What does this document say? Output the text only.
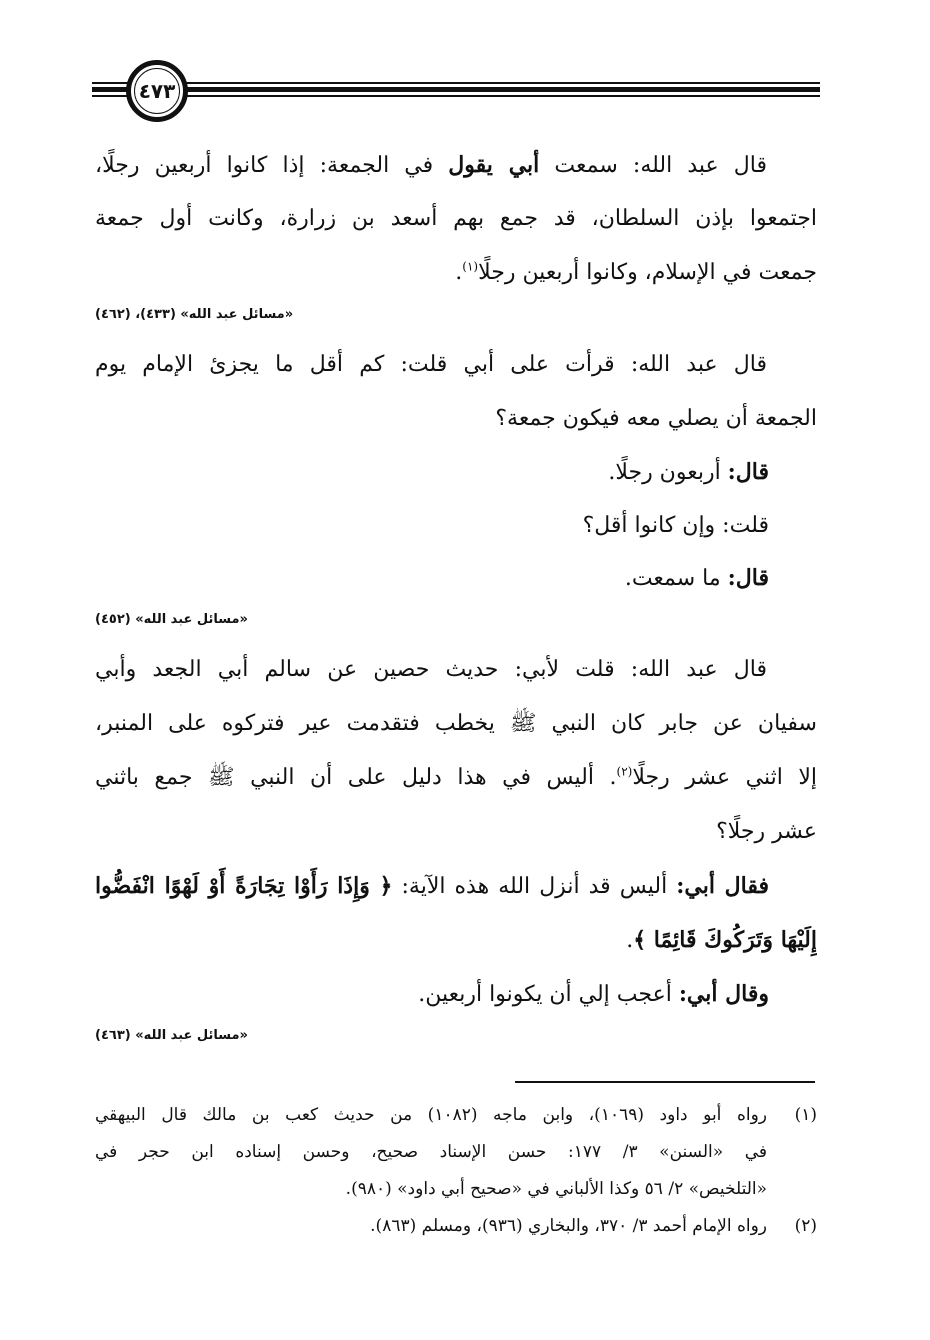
٤٧٣
قال عبد الله: سمعت أبي يقول في الجمعة: إذا كانوا أربعين رجلًا،
اجتمعوا بإذن السلطان، قد جمع بهم أسعد بن زرارة، وكانت أول جمعة
جمعت في الإسلام، وكانوا أربعين رجلًا$^{(١)}$.
«مسائل عبد الله» (٤٣٣)، (٤٦٢)
قال عبد الله: قرأت على أبي قلت: كم أقل ما يجزئ الإمام يوم
الجمعة أن يصلي معه فيكون جمعة؟
قال: أربعون رجلًا.
قلت: وإن كانوا أقل؟
قال: ما سمعت.
«مسائل عبد الله» (٤٥٢)
قال عبد الله: قلت لأبي: حديث حصين عن سالم أبي الجعد وأبي
سفيان عن جابر كان النبي ﷺ يخطب فتقدمت عير فتركوه على المنبر،
إلا اثني عشر رجلًا$^{(٢)}$. أليس في هذا دليل على أن النبي ﷺ جمع باثني
عشر رجلًا؟
فقال أبي: أليس قد أنزل الله هذه الآية: ﴿ وَإِذَا رَأَوْا تِجَارَةً أَوْ لَهْوًا انْفَضُّوا
إِلَيْهَا وَتَرَكُوكَ قَائِمًا ﴾.
وقال أبي: أعجب إلي أن يكونوا أربعين.
«مسائل عبد الله» (٤٦٣)
(١)
رواه أبو داود (١٠٦٩)، وابن ماجه (١٠٨٢) من حديث كعب بن مالك قال البيهقي
في «السنن» ٣/ ١٧٧: حسن الإسناد صحيح، وحسن إسناده ابن حجر في
«التلخيص» ٢/ ٥٦ وكذا الألباني في «صحيح أبي داود» (٩٨٠).
(٢)
رواه الإمام أحمد ٣/ ٣٧٠، والبخاري (٩٣٦)، ومسلم (٨٦٣).
